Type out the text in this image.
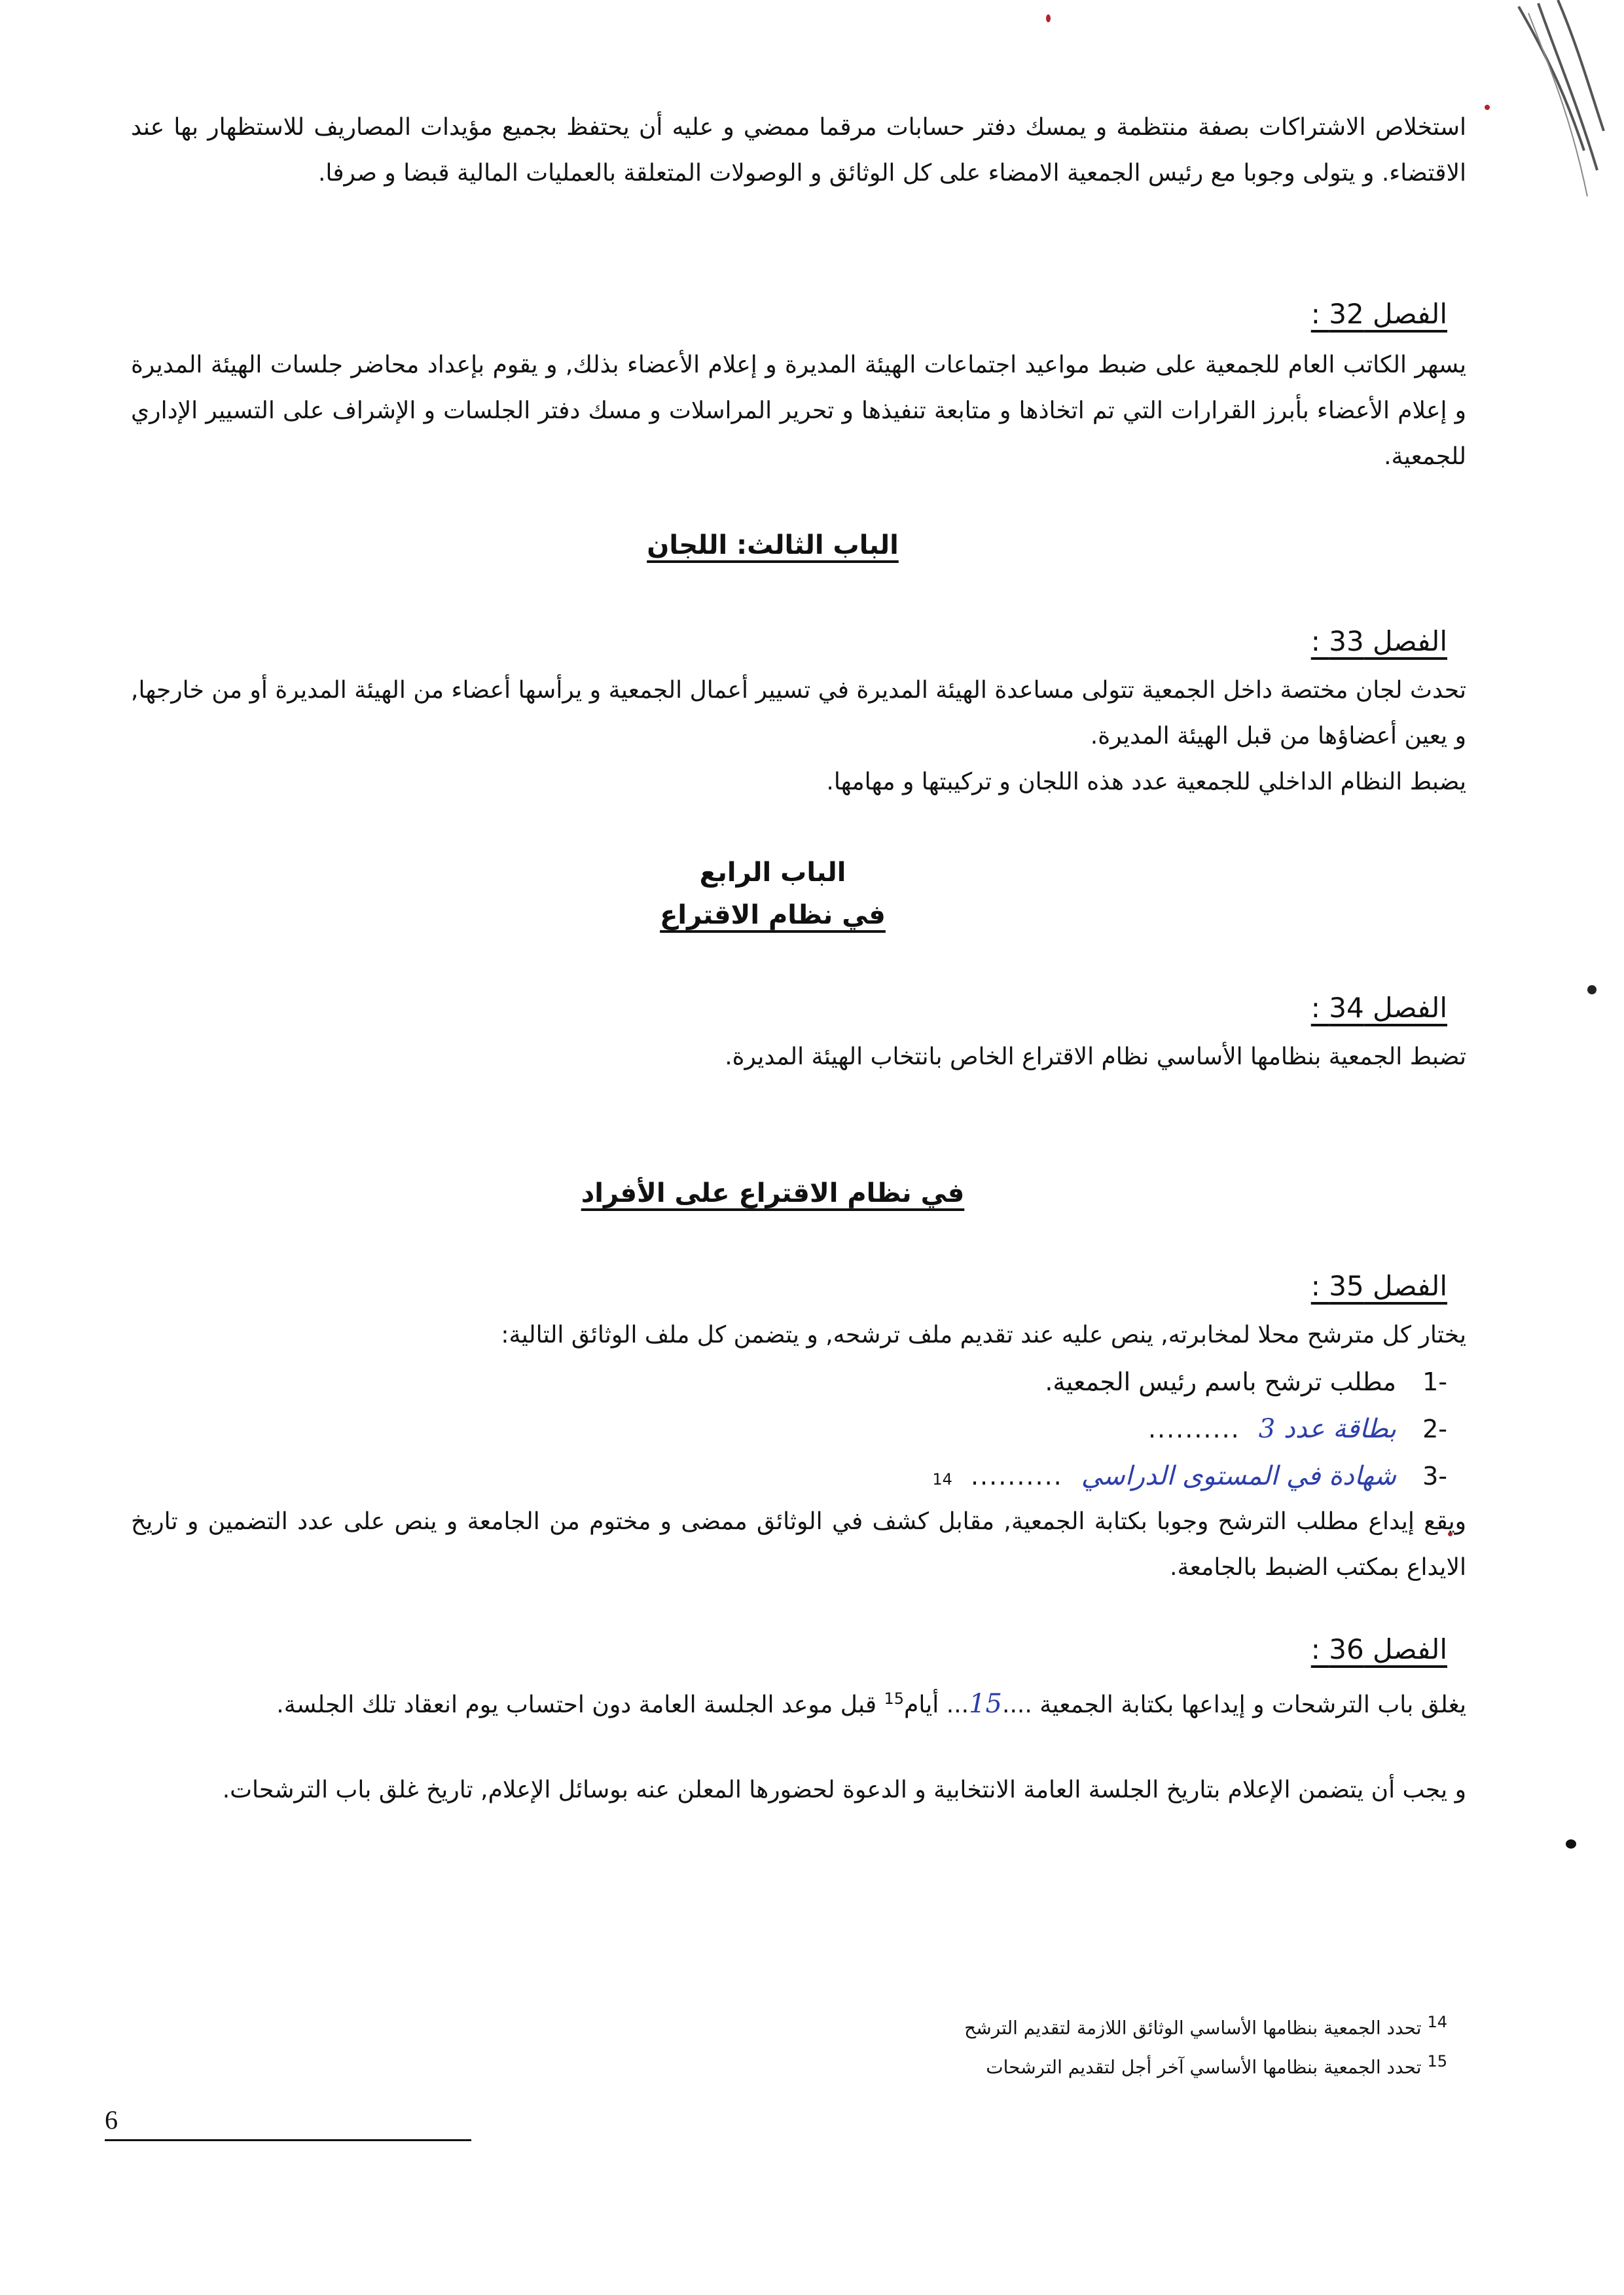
استخلاص الاشتراكات بصفة منتظمة و يمسك دفتر حسابات مرقما ممضي و عليه أن يحتفظ بجميع مؤيدات المصاريف للاستظهار بها عند الاقتضاء. و يتولى وجوبا مع رئيس الجمعية الامضاء على كل الوثائق و الوصولات المتعلقة بالعمليات المالية قبضا و صرفا.
الفصل 32 :
يسهر الكاتب العام للجمعية على ضبط مواعيد اجتماعات الهيئة المديرة و إعلام الأعضاء بذلك, و يقوم بإعداد محاضر جلسات الهيئة المديرة و إعلام الأعضاء بأبرز القرارات التي تم اتخاذها و متابعة تنفيذها و تحرير المراسلات و مسك دفتر الجلسات و الإشراف على التسيير الإداري للجمعية.
الباب الثالث: اللجان
الفصل 33 :
تحدث لجان مختصة داخل الجمعية تتولى مساعدة الهيئة المديرة في تسيير أعمال الجمعية و يرأسها أعضاء من الهيئة المديرة أو من خارجها, و يعين أعضاؤها من قبل الهيئة المديرة.
يضبط النظام الداخلي للجمعية عدد هذه اللجان و تركيبتها و مهامها.
الباب الرابع
في نظام الاقتراع
الفصل 34 :
تضبط الجمعية بنظامها الأساسي نظام الاقتراع الخاص بانتخاب الهيئة المديرة.
في نظام الاقتراع على الأفراد
الفصل 35 :
يختار كل مترشح محلا لمخابرته, ينص عليه عند تقديم ملف ترشحه, و يتضمن كل ملف الوثائق التالية:
-1
مطلب ترشح باسم رئيس الجمعية.
-2
بطاقة عدد 3
..........
-3
شهادة في المستوى الدراسي
..........
14
ويقع إيداع مطلب الترشح وجوبا بكتابة الجمعية, مقابل كشف في الوثائق ممضى و مختوم من الجامعة و ينص على عدد التضمين و تاريخ الايداع بمكتب الضبط بالجامعة.
الفصل 36 :
يغلق باب الترشحات و إيداعها بكتابة الجمعية ....15... أيام$^{15}$ قبل موعد الجلسة العامة دون احتساب يوم انعقاد تلك الجلسة.
و يجب أن يتضمن الإعلام بتاريخ الجلسة العامة الانتخابية و الدعوة لحضورها المعلن عنه بوسائل الإعلام, تاريخ غلق باب الترشحات.
$^{14}$ تحدد الجمعية بنظامها الأساسي الوثائق اللازمة لتقديم الترشح
$^{15}$ تحدد الجمعية بنظامها الأساسي آخر أجل لتقديم الترشحات
6
